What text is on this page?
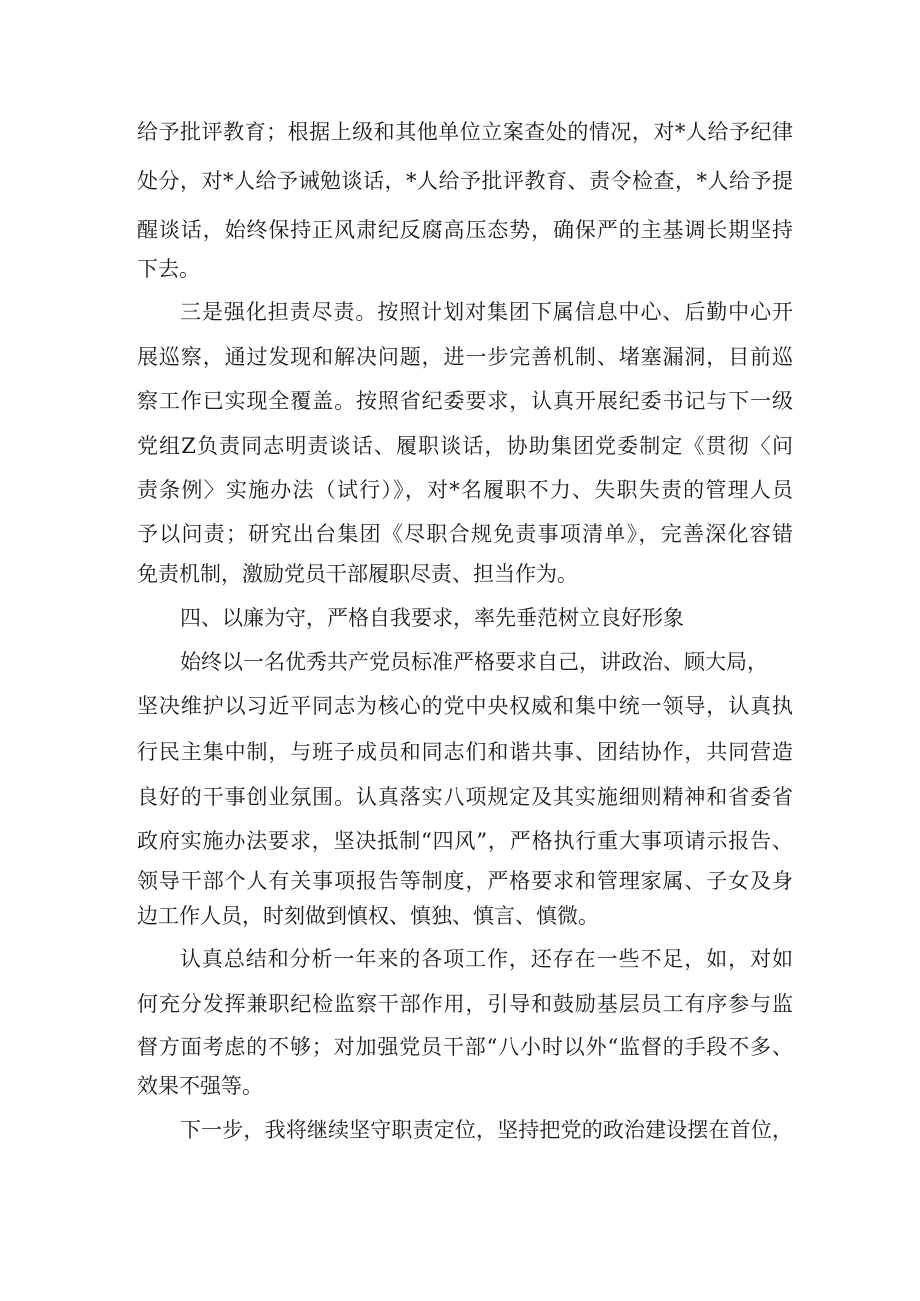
给予批评教育；根据上级和其他单位立案查处的情况，对*人给予纪律
处分，对*人给予诫勉谈话，*人给予批评教育、责令检查，*人给予提
醒谈话，始终保持正风肃纪反腐高压态势，确保严的主基调长期坚持
下去。
三是强化担责尽责。按照计划对集团下属信息中心、后勤中心开
展巡察，通过发现和解决问题，进一步完善机制、堵塞漏洞，目前巡
察工作已实现全覆盖。按照省纪委要求，认真开展纪委书记与下一级
党组Z负责同志明责谈话、履职谈话，协助集团党委制定《贯彻〈问
责条例〉实施办法（试行）》，对*名履职不力、失职失责的管理人员
予以问责；研究出台集团《尽职合规免责事项清单》，完善深化容错
免责机制，激励党员干部履职尽责、担当作为。
四、以廉为守，严格自我要求，率先垂范树立良好形象
始终以一名优秀共产党员标准严格要求自己，讲政治、顾大局，
坚决维护以习近平同志为核心的党中央权威和集中统一领导，认真执
行民主集中制，与班子成员和同志们和谐共事、团结协作，共同营造
良好的干事创业氛围。认真落实八项规定及其实施细则精神和省委省
政府实施办法要求，坚决抵制“四风”，严格执行重大事项请示报告、
领导干部个人有关事项报告等制度，严格要求和管理家属、子女及身
边工作人员，时刻做到慎权、慎独、慎言、慎微。
认真总结和分析一年来的各项工作，还存在一些不足，如，对如
何充分发挥兼职纪检监察干部作用，引导和鼓励基层员工有序参与监
督方面考虑的不够；对加强党员干部“八小时以外“监督的手段不多、
效果不强等。
下一步，我将继续坚守职责定位，坚持把党的政治建设摆在首位，
